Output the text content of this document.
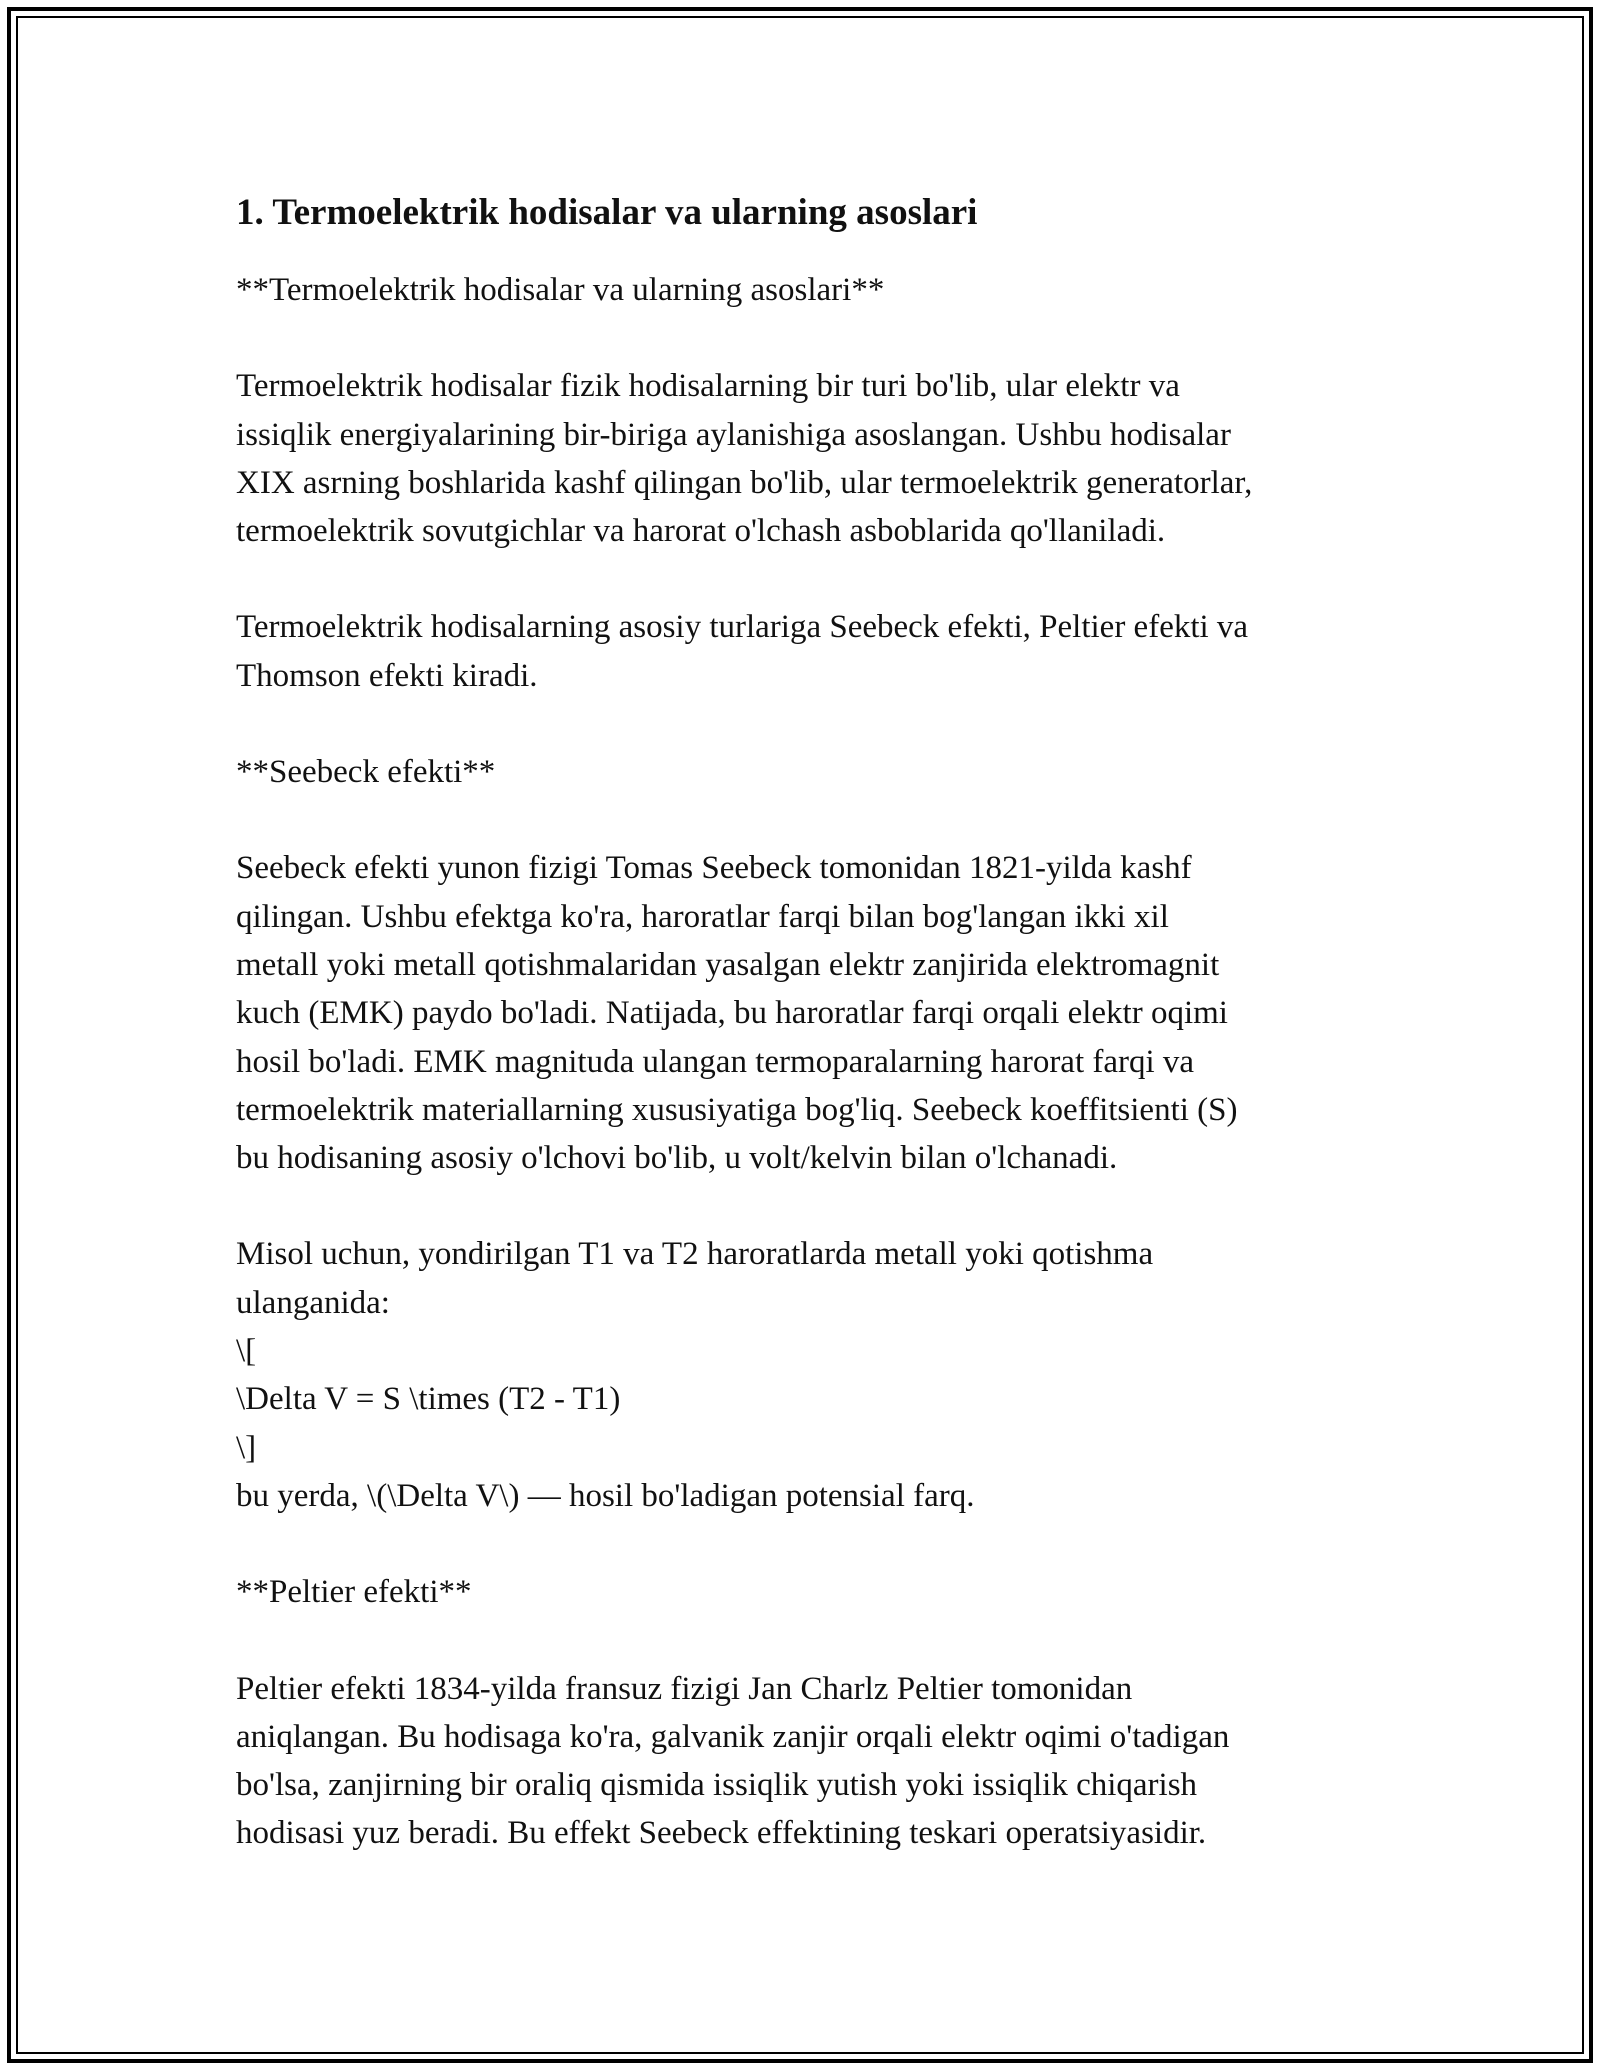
1. Termoelektrik hodisalar va ularning asoslari
**Termoelektrik hodisalar va ularning asoslari**
Termoelektrik hodisalar fizik hodisalarning bir turi bo'lib, ular elektr va
issiqlik energiyalarining bir-biriga aylanishiga asoslangan. Ushbu hodisalar
XIX asrning boshlarida kashf qilingan bo'lib, ular termoelektrik generatorlar,
termoelektrik sovutgichlar va harorat o'lchash asboblarida qo'llaniladi.
Termoelektrik hodisalarning asosiy turlariga Seebeck efekti, Peltier efekti va
Thomson efekti kiradi.
**Seebeck efekti**
Seebeck efekti yunon fizigi Tomas Seebeck tomonidan 1821-yilda kashf
qilingan. Ushbu efektga ko'ra, haroratlar farqi bilan bog'langan ikki xil
metall yoki metall qotishmalaridan yasalgan elektr zanjirida elektromagnit
kuch (EMK) paydo bo'ladi. Natijada, bu haroratlar farqi orqali elektr oqimi
hosil bo'ladi. EMK magnituda ulangan termoparalarning harorat farqi va
termoelektrik materiallarning xususiyatiga bog'liq. Seebeck koeffitsienti (S)
bu hodisaning asosiy o'lchovi bo'lib, u volt/kelvin bilan o'lchanadi.
Misol uchun, yondirilgan T1 va T2 haroratlarda metall yoki qotishma
ulanganida:
\[
\Delta V = S \times (T2 - T1)
\]
bu yerda, \(\Delta V\) — hosil bo'ladigan potensial farq.
**Peltier efekti**
Peltier efekti 1834-yilda fransuz fizigi Jan Charlz Peltier tomonidan
aniqlangan. Bu hodisaga ko'ra, galvanik zanjir orqali elektr oqimi o'tadigan
bo'lsa, zanjirning bir oraliq qismida issiqlik yutish yoki issiqlik chiqarish
hodisasi yuz beradi. Bu effekt Seebeck effektining teskari operatsiyasidir.
